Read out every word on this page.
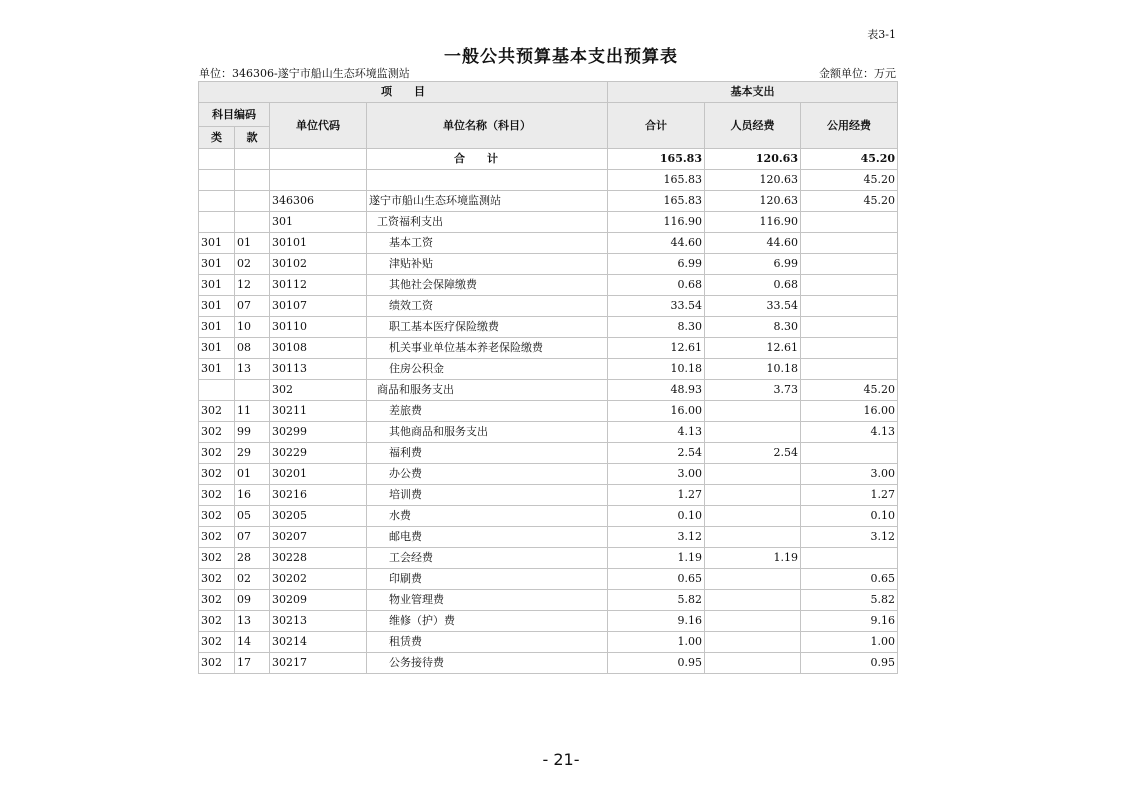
表3-1
一般公共预算基本支出预算表
单位：346306-遂宁市船山生态环境监测站	金额单位：万元
项　　目				基本支出		
科目编码		单位代码	单位名称（科目）	合计	人员经费	公用经费
类	款					
			合计	165.83	120.63	45.20
				165.83	120.63	45.20
		346306	遂宁市船山生态环境监测站	165.83	120.63	45.20
		301	工资福利支出	116.90	116.90	
301	01	30101	基本工资	44.60	44.60	
301	02	30102	津贴补贴	6.99	6.99	
301	12	30112	其他社会保障缴费	0.68	0.68	
301	07	30107	绩效工资	33.54	33.54	
301	10	30110	职工基本医疗保险缴费	8.30	8.30	
301	08	30108	机关事业单位基本养老保险缴费	12.61	12.61	
301	13	30113	住房公积金	10.18	10.18	
		302	商品和服务支出	48.93	3.73	45.20
302	11	30211	差旅费	16.00		16.00
302	99	30299	其他商品和服务支出	4.13		4.13
302	29	30229	福利费	2.54	2.54	
302	01	30201	办公费	3.00		3.00
302	16	30216	培训费	1.27		1.27
302	05	30205	水费	0.10		0.10
302	07	30207	邮电费	3.12		3.12
302	28	30228	工会经费	1.19	1.19	
302	02	30202	印刷费	0.65		0.65
302	09	30209	物业管理费	5.82		5.82
302	13	30213	维修（护）费	9.16		9.16
302	14	30214	租赁费	1.00		1.00
302	17	30217	公务接待费	0.95		0.95
- 21-
